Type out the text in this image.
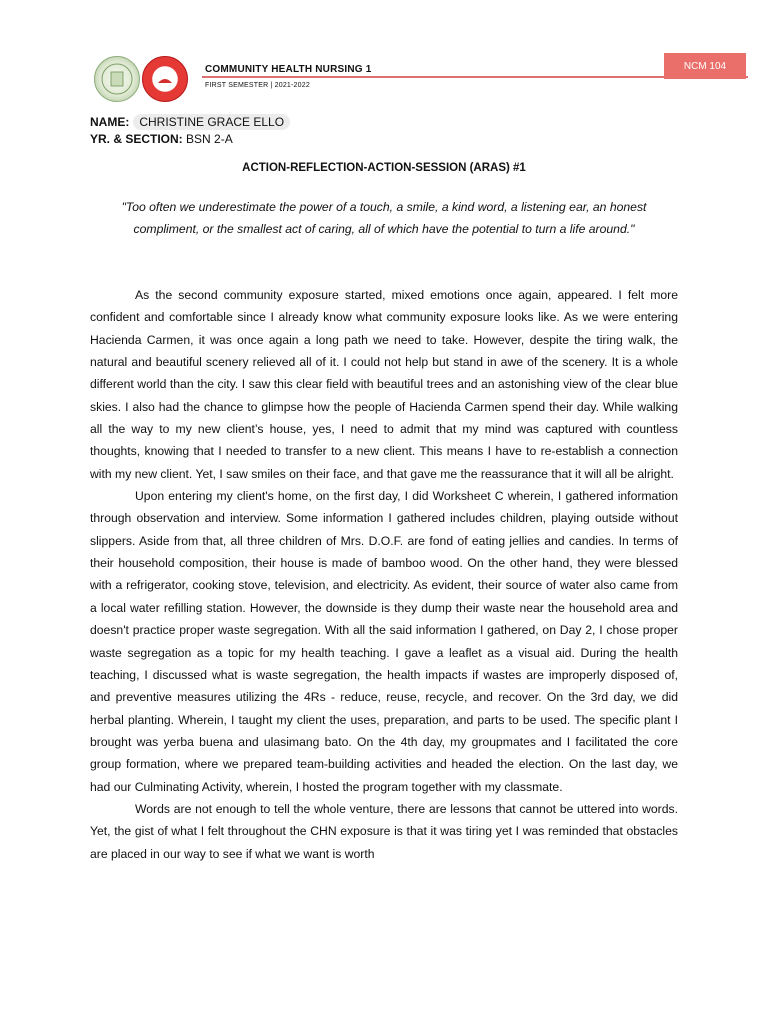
COMMUNITY HEALTH NURSING 1
FIRST SEMESTER | 2021-2022
NCM 104
NAME: CHRISTINE GRACE ELLO
YR. & SECTION: BSN 2-A
ACTION-REFLECTION-ACTION-SESSION (ARAS) #1
"Too often we underestimate the power of a touch, a smile, a kind word, a listening ear, an honest compliment, or the smallest act of caring, all of which have the potential to turn a life around."

As the second community exposure started, mixed emotions once again, appeared. I felt more confident and comfortable since I already know what community exposure looks like. As we were entering Hacienda Carmen, it was once again a long path we need to take. However, despite the tiring walk, the natural and beautiful scenery relieved all of it. I could not help but stand in awe of the scenery. It is a whole different world than the city. I saw this clear field with beautiful trees and an astonishing view of the clear blue skies. I also had the chance to glimpse how the people of Hacienda Carmen spend their day. While walking all the way to my new client’s house, yes, I need to admit that my mind was captured with countless thoughts, knowing that I needed to transfer to a new client. This means I have to re-establish a connection with my new client. Yet, I saw smiles on their face, and that gave me the reassurance that it will all be alright.

Upon entering my client's home, on the first day, I did Worksheet C wherein, I gathered information through observation and interview. Some information I gathered includes children, playing outside without slippers. Aside from that, all three children of Mrs. D.O.F. are fond of eating jellies and candies. In terms of their household composition, their house is made of bamboo wood. On the other hand, they were blessed with a refrigerator, cooking stove, television, and electricity. As evident, their source of water also came from a local water refilling station. However, the downside is they dump their waste near the household area and doesn't practice proper waste segregation. With all the said information I gathered, on Day 2, I chose proper waste segregation as a topic for my health teaching. I gave a leaflet as a visual aid. During the health teaching, I discussed what is waste segregation, the health impacts if wastes are improperly disposed of, and preventive measures utilizing the 4Rs - reduce, reuse, recycle, and recover. On the 3rd day, we did herbal planting. Wherein, I taught my client the uses, preparation, and parts to be used. The specific plant I brought was yerba buena and ulasimang bato. On the 4th day, my groupmates and I facilitated the core group formation, where we prepared team-building activities and headed the election. On the last day, we had our Culminating Activity, wherein, I hosted the program together with my classmate.

Words are not enough to tell the whole venture, there are lessons that cannot be uttered into words. Yet, the gist of what I felt throughout the CHN exposure is that it was tiring yet I was reminded that obstacles are placed in our way to see if what we want is worth
